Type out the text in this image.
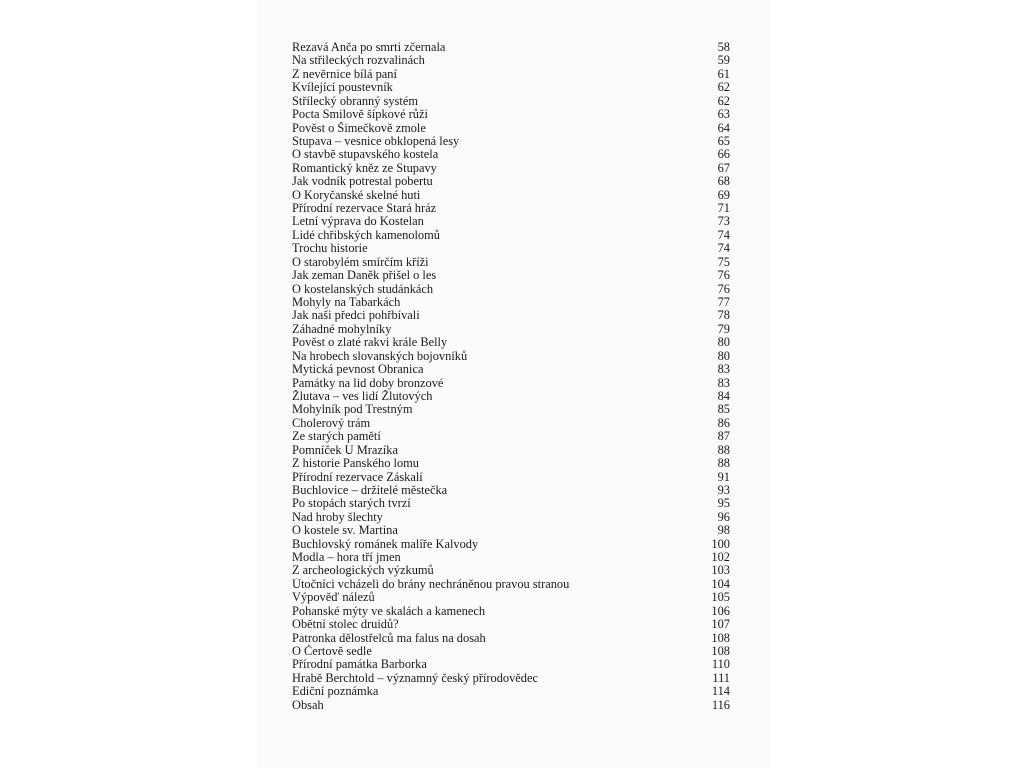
Rezavá Anča po smrti zčernala	58
Na střileckých rozvalinách	59
Z nevěrnice bílá paní	61
Kvílející poustevník	62
Střílecký obranný systém	62
Pocta Smilově šípkové růži	63
Pověst o Šimečkově zmole	64
Stupava – vesnice obklopená lesy	65
O stavbě stupavského kostela	66
Romantický kněz ze Stupavy	67
Jak vodník potrestal pobertu	68
O Koryčanské skelné huti	69
Přírodní rezervace Stará hráz	71
Letní výprava do Kostelan	73
Lidé chřibských kamenolomů	74
Trochu historie	74
O starobylém smírčím kříži	75
Jak zeman Daněk přišel o les	76
O kostelanských studánkách	76
Mohyly na Tabarkách	77
Jak naši předci pohřbívali	78
Záhadné mohylníky	79
Pověst o zlaté rakvi krále Belly	80
Na hrobech slovanských bojovníků	80
Mytická pevnost Obranica	83
Památky na lid doby bronzové	83
Žlutava – ves lidí Žlutových	84
Mohylník pod Trestným	85
Cholerový trám	86
Ze starých pamětí	87
Pomníček U Mrazíka	88
Z historie Panského lomu	88
Přírodní rezervace Záskalí	91
Buchlovice – držitelé městečka	93
Po stopách starých tvrzí	95
Nad hroby šlechty	96
O kostele sv. Martina	98
Buchlovský románek malíře Kalvody	100
Modla – hora tří jmen	102
Z archeologických výzkumů	103
Útočníci vcházeli do brány nechráněnou pravou stranou	104
Výpověď nálezů	105
Pohanské mýty ve skalách a kamenech	106
Obětní stolec druidů?	107
Patronka dělostřelců ma falus na dosah	108
O Čertově sedle	108
Přírodní památka Barborka	110
Hrabě Berchtold – významný český přírodovědec	111
Ediční poznámka	114
Obsah	116
